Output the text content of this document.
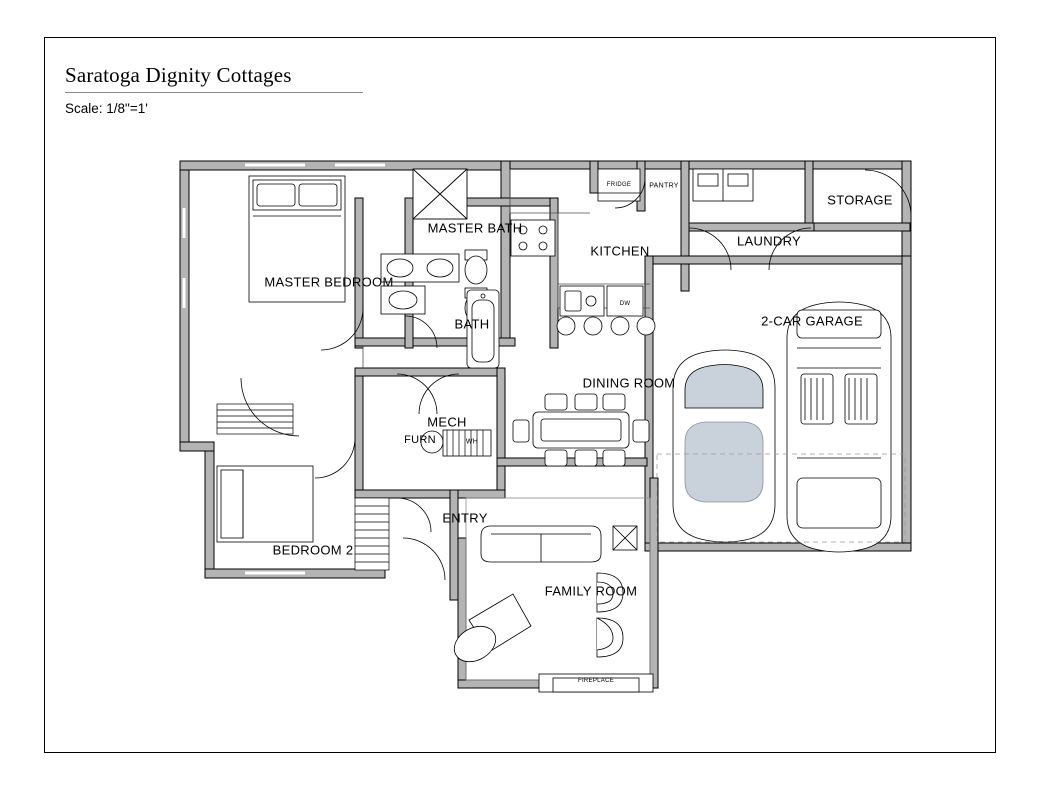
Saratoga Dignity Cottages
Scale: 1/8"=1'
MASTER BEDROOM
MASTER BATH
BATH
KITCHEN
FRIDGE	PANTRY
DW
LAUNDRY
STORAGE
2-CAR GARAGE
DINING ROOM
MECH
FURN	WH
ENTRY
BEDROOM 2
FAMILY ROOM
FIREPLACE
